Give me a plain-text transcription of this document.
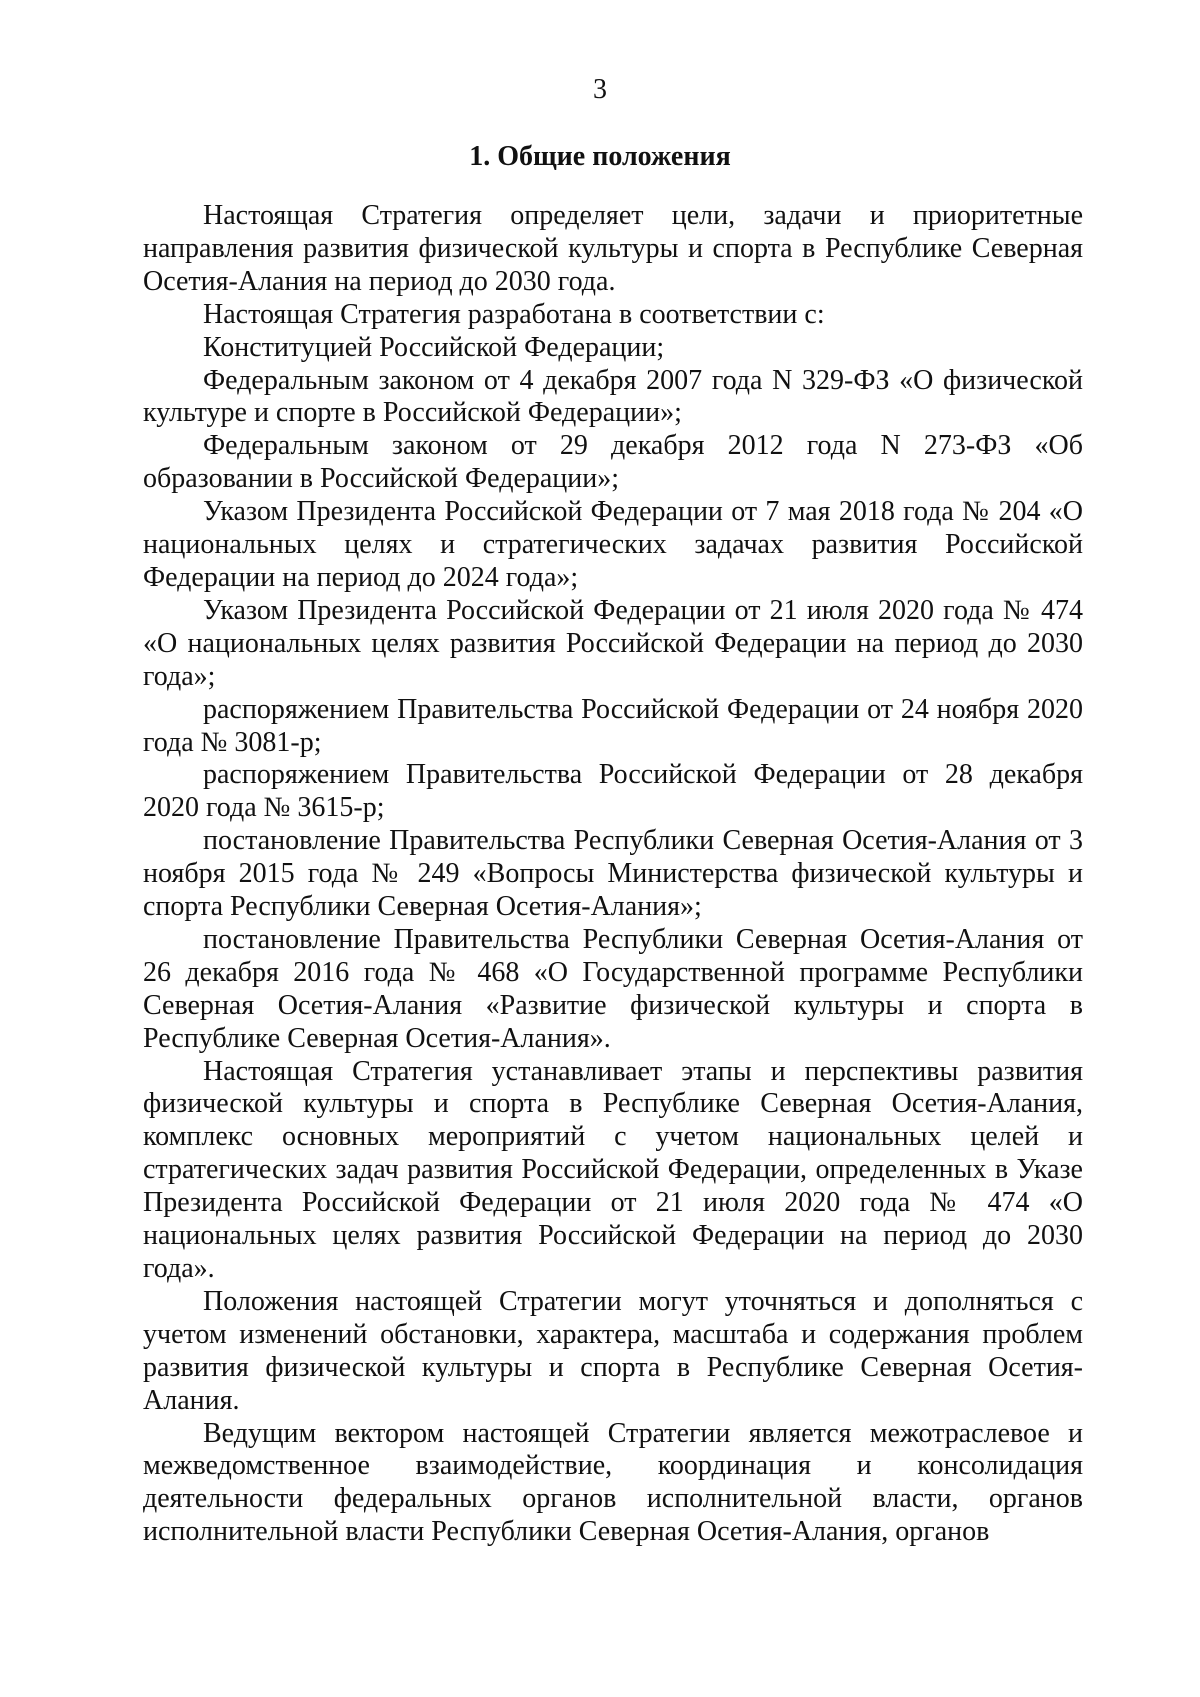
3
1. Общие положения

Настоящая Стратегия определяет цели, задачи и приоритетные направления развития физической культуры и спорта в Республике Северная Осетия-Алания на период до 2030 года.

Настоящая Стратегия разработана в соответствии с:

Конституцией Российской Федерации;

Федеральным законом от 4 декабря 2007 года N 329-ФЗ «О физической культуре и спорте в Российской Федерации»;

Федеральным законом от 29 декабря 2012 года N 273-ФЗ «Об образовании в Российской Федерации»;

Указом Президента Российской Федерации от 7 мая 2018 года № 204 «О национальных целях и стратегических задачах развития Российской Федерации на период до 2024 года»;

Указом Президента Российской Федерации от 21 июля 2020 года № 474 «О национальных целях развития Российской Федерации на период до 2030 года»;

распоряжением Правительства Российской Федерации от 24 ноября 2020 года № 3081-р;

распоряжением Правительства Российской Федерации от 28 декабря 2020 года № 3615-р;

постановление Правительства Республики Северная Осетия-Алания от 3 ноября 2015 года № 249 «Вопросы Министерства физической культуры и спорта Республики Северная Осетия-Алания»;

постановление Правительства Республики Северная Осетия-Алания от 26 декабря 2016 года № 468 «О Государственной программе Республики Северная Осетия-Алания «Развитие физической культуры и спорта в Республике Северная Осетия-Алания».

Настоящая Стратегия устанавливает этапы и перспективы развития физической культуры и спорта в Республике Северная Осетия-Алания, комплекс основных мероприятий с учетом национальных целей и стратегических задач развития Российской Федерации, определенных в Указе Президента Российской Федерации от 21 июля 2020 года № 474 «О национальных целях развития Российской Федерации на период до 2030 года».

Положения настоящей Стратегии могут уточняться и дополняться с учетом изменений обстановки, характера, масштаба и содержания проблем развития физической культуры и спорта в Республике Северная Осетия-Алания.

Ведущим вектором настоящей Стратегии является межотраслевое и межведомственное взаимодействие, координация и консолидация деятельности федеральных органов исполнительной власти, органов исполнительной власти Республики Северная Осетия-Алания, органов
